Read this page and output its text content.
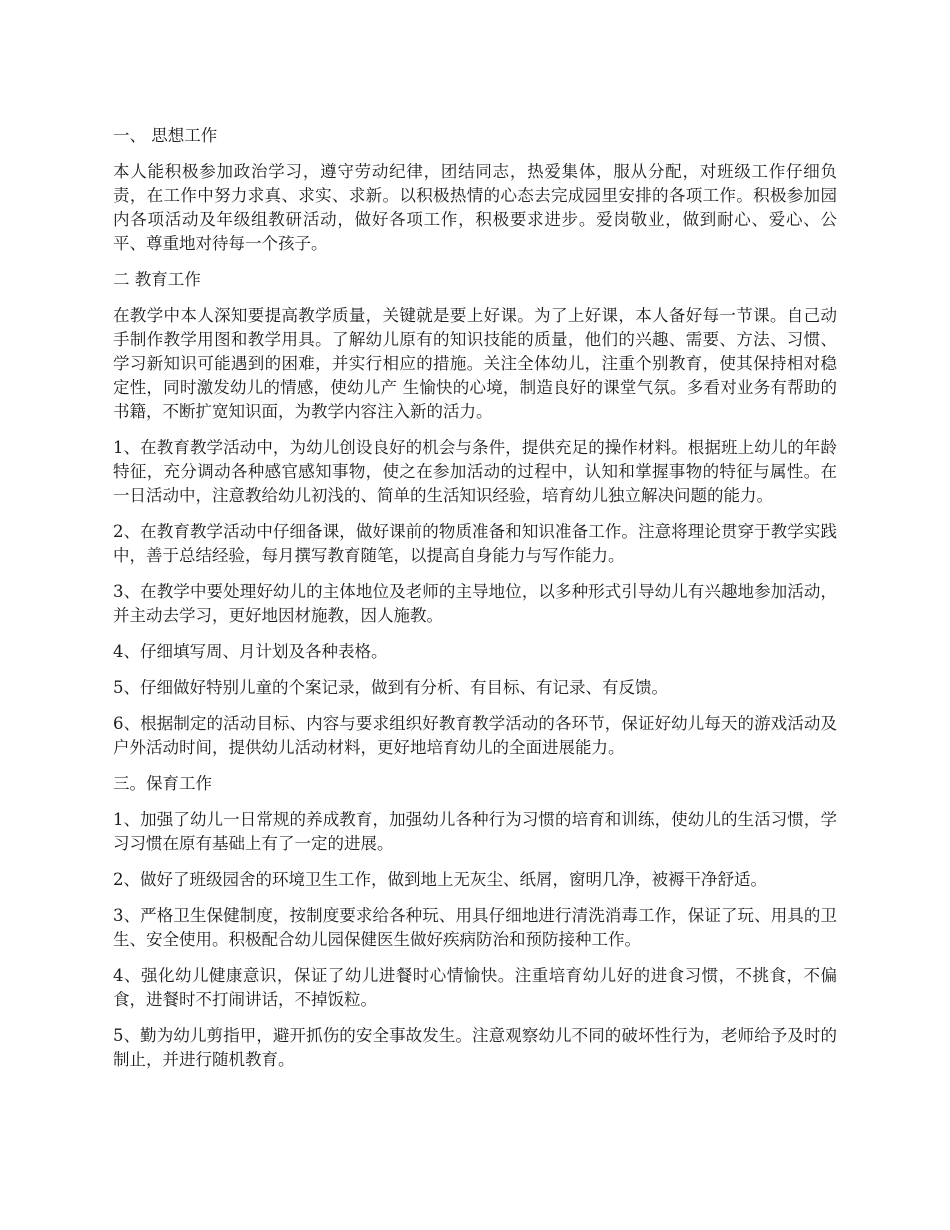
一、 思想工作
本人能积极参加政治学习，遵守劳动纪律，团结同志，热爱集体，服从分配，对班级工作仔细负责，在工作中努力求真、求实、求新。以积极热情的心态去完成园里安排的各项工作。积极参加园内各项活动及年级组教研活动，做好各项工作，积极要求进步。爱岗敬业，做到耐心、爱心、公平、尊重地对待每一个孩子。
二 教育工作
在教学中本人深知要提高教学质量，关键就是要上好课。为了上好课，本人备好每一节课。自己动手制作教学用图和教学用具。了解幼儿原有的知识技能的质量，他们的兴趣、需要、方法、习惯、学习新知识可能遇到的困难，并实行相应的措施。关注全体幼儿，注重个别教育，使其保持相对稳定性，同时激发幼儿的情感，使幼儿产 生愉快的心境，制造良好的课堂气氛。多看对业务有帮助的书籍，不断扩宽知识面，为教学内容注入新的活力。
1、在教育教学活动中，为幼儿创设良好的机会与条件，提供充足的操作材料。根据班上幼儿的年龄特征，充分调动各种感官感知事物，使之在参加活动的过程中，认知和掌握事物的特征与属性。在一日活动中，注意教给幼儿初浅的、简单的生活知识经验，培育幼儿独立解决问题的能力。
2、在教育教学活动中仔细备课，做好课前的物质准备和知识准备工作。注意将理论贯穿于教学实践中，善于总结经验，每月撰写教育随笔，以提高自身能力与写作能力。
3、在教学中要处理好幼儿的主体地位及老师的主导地位，以多种形式引导幼儿有兴趣地参加活动，并主动去学习，更好地因材施教，因人施教。
4、仔细填写周、月计划及各种表格。
5、仔细做好特别儿童的个案记录，做到有分析、有目标、有记录、有反馈。
6、根据制定的活动目标、内容与要求组织好教育教学活动的各环节，保证好幼儿每天的游戏活动及户外活动时间，提供幼儿活动材料，更好地培育幼儿的全面进展能力。
三。保育工作
1、加强了幼儿一日常规的养成教育，加强幼儿各种行为习惯的培育和训练，使幼儿的生活习惯，学习习惯在原有基础上有了一定的进展。
2、做好了班级园舍的环境卫生工作，做到地上无灰尘、纸屑，窗明几净，被褥干净舒适。
3、严格卫生保健制度，按制度要求给各种玩、用具仔细地进行清洗消毒工作，保证了玩、用具的卫生、安全使用。积极配合幼儿园保健医生做好疾病防治和预防接种工作。
4、强化幼儿健康意识，保证了幼儿进餐时心情愉快。注重培育幼儿好的进食习惯，不挑食，不偏食，进餐时不打闹讲话，不掉饭粒。
5、勤为幼儿剪指甲，避开抓伤的安全事故发生。注意观察幼儿不同的破坏性行为，老师给予及时的制止，并进行随机教育。
